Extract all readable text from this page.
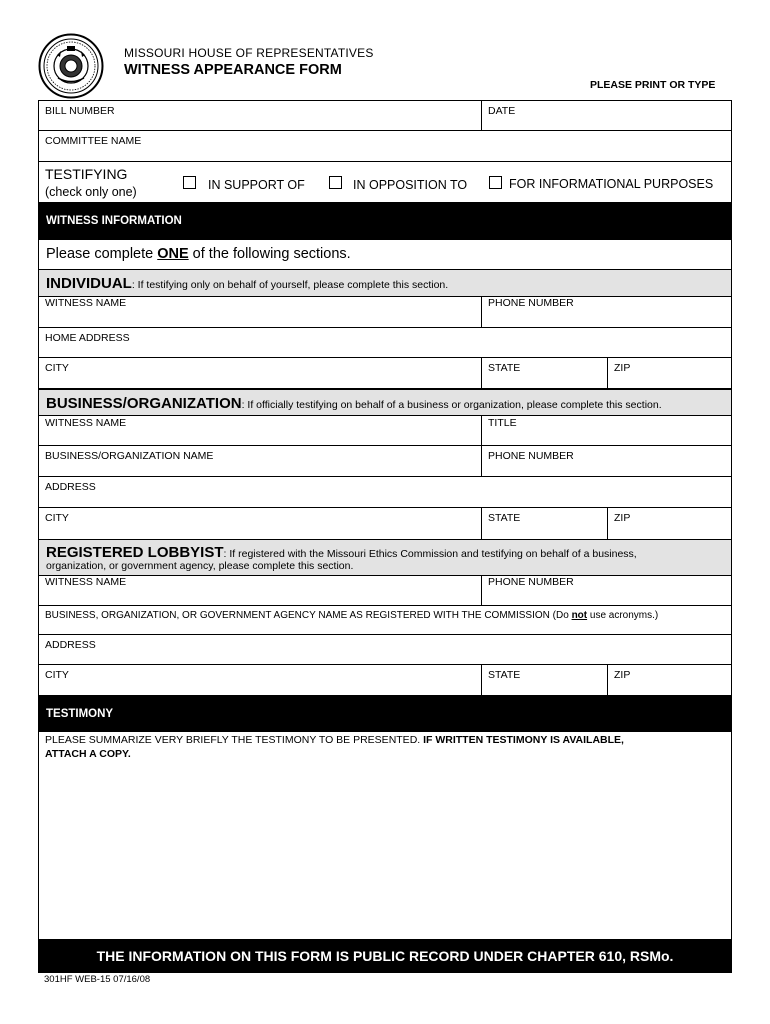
MISSOURI HOUSE OF REPRESENTATIVES
WITNESS APPEARANCE FORM
PLEASE PRINT OR TYPE
BILL NUMBER	DATE
COMMITTEE NAME
TESTIFYING
(check only one)	IN SUPPORT OF	IN OPPOSITION TO	FOR INFORMATIONAL PURPOSES
WITNESS INFORMATION
Please complete ONE of the following sections.
INDIVIDUAL: If testifying only on behalf of yourself, please complete this section.
WITNESS NAME	PHONE NUMBER
HOME ADDRESS
CITY	STATE	ZIP
BUSINESS/ORGANIZATION: If officially testifying on behalf of a business or organization, please complete this section.
WITNESS NAME	TITLE
BUSINESS/ORGANIZATION NAME	PHONE NUMBER
ADDRESS
CITY	STATE	ZIP
REGISTERED LOBBYIST: If registered with the Missouri Ethics Commission and testifying on behalf of a business,
organization, or government agency, please complete this section.
WITNESS NAME	PHONE NUMBER
BUSINESS, ORGANIZATION, OR GOVERNMENT AGENCY NAME AS REGISTERED WITH THE COMMISSION (Do not use acronyms.)
ADDRESS
CITY	STATE	ZIP
TESTIMONY
PLEASE SUMMARIZE VERY BRIEFLY THE TESTIMONY TO BE PRESENTED. IF WRITTEN TESTIMONY IS AVAILABLE,
ATTACH A COPY.
THE INFORMATION ON THIS FORM IS PUBLIC RECORD UNDER CHAPTER 610, RSMo.
301HF WEB-15 07/16/08
